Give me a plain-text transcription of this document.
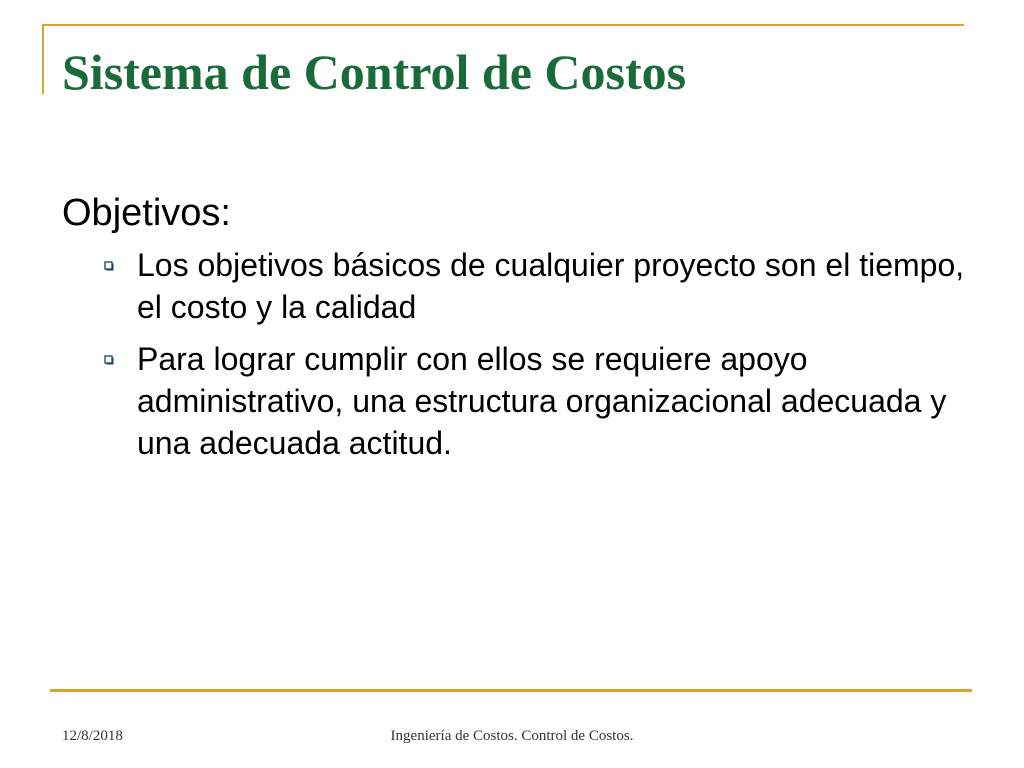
Sistema de Control de Costos

Objetivos:

Los objetivos básicos de cualquier proyecto son el tiempo, el costo y la calidad
Para lograr cumplir con ellos se requiere apoyo administrativo, una estructura organizacional adecuada y una adecuada actitud.
12/8/2018	Ingeniería de Costos. Control de Costos.
